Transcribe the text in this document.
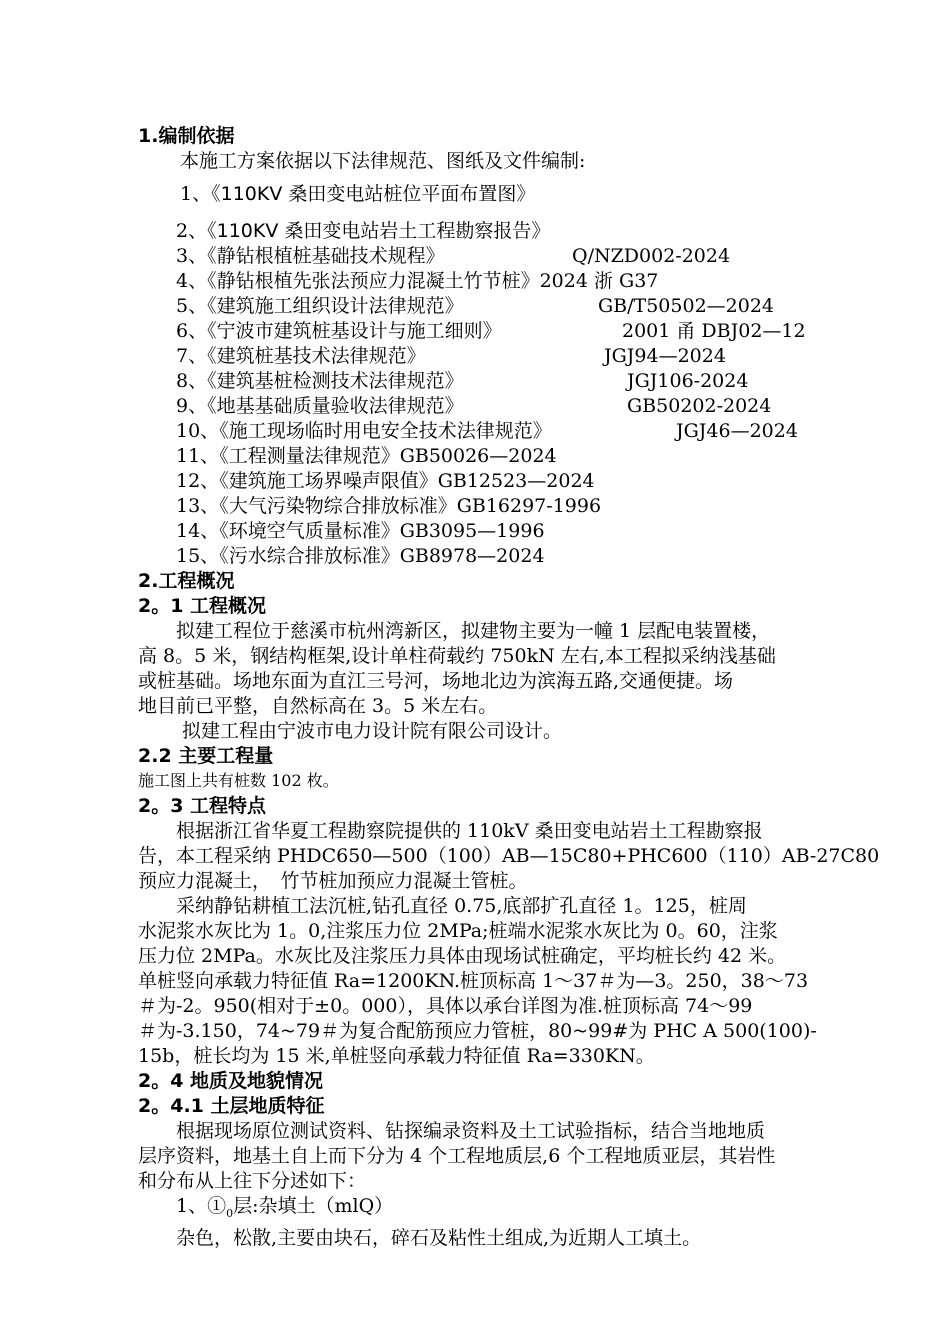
1.编制依据
本施工方案依据以下法律规范、图纸及文件编制:
1、《110KV 桑田变电站桩位平面布置图》
2、《110KV 桑田变电站岩土工程勘察报告》
3、《静钻根植桩基础技术规程》	Q/NZD002-2024
4、《静钻根植先张法预应力混凝土竹节桩》2024 浙 G37
5、《建筑施工组织设计法律规范》	GB/T50502—2024
6、《宁波市建筑桩基设计与施工细则》	2001 甬 DBJ02—12
7、《建筑桩基技术法律规范》	JGJ94—2024
8、《建筑基桩检测技术法律规范》	JGJ106-2024
9、《地基基础质量验收法律规范》	GB50202-2024
10、《施工现场临时用电安全技术法律规范》	JGJ46—2024
11、《工程测量法律规范》GB50026—2024
12、《建筑施工场界噪声限值》GB12523—2024
13、《大气污染物综合排放标准》GB16297-1996
14、《环境空气质量标准》GB3095—1996
15、《污水综合排放标准》GB8978—2024
2.工程概况
2。1 工程概况
　　拟建工程位于慈溪市杭州湾新区，拟建物主要为一幢 1 层配电装置楼，
高 8。5 米，钢结构框架,设计单柱荷载约 750kN 左右,本工程拟采纳浅基础
或桩基础。场地东面为直江三号河，场地北边为滨海五路,交通便捷。场
地目前已平整，自然标高在 3。5 米左右。
　　 拟建工程由宁波市电力设计院有限公司设计。
2.2 主要工程量
施工图上共有桩数 102 枚。
2。3 工程特点
　　根据浙江省华夏工程勘察院提供的 110kV 桑田变电站岩土工程勘察报
告，本工程采纳 PHDC650—500（100）AB—15C80+PHC600（110）AB-27C80
预应力混凝土，　竹节桩加预应力混凝土管桩。
　　采纳静钻耕植工法沉桩,钻孔直径 0.75,底部扩孔直径 1。125，桩周
水泥浆水灰比为 1。0,注浆压力位 2MPa;桩端水泥浆水灰比为 0。60，注浆
压力位 2MPa。水灰比及注浆压力具体由现场试桩确定，平均桩长约 42 米。
单桩竖向承载力特征值 Ra=1200KN.桩顶标高 1～37＃为—3。250，38～73
＃为-2。950(相对于±0。000），具体以承台详图为准.桩顶标高 74～99
＃为-3.150，74~79＃为复合配筋预应力管桩，80~99#为 PHC A 500(100)-
15b，桩长均为 15 米,单桩竖向承载力特征值 Ra=330KN。
2。4 地质及地貌情况
2。4.1 土层地质特征
　　根据现场原位测试资料、钻探编录资料及土工试验指标，结合当地地质
层序资料，地基土自上而下分为 4 个工程地质层,6 个工程地质亚层，其岩性
和分布从上往下分述如下：
　　1、$①_0$层:杂填土（mlQ）
　　杂色，松散,主要由块石，碎石及粘性土组成,为近期人工填土。
